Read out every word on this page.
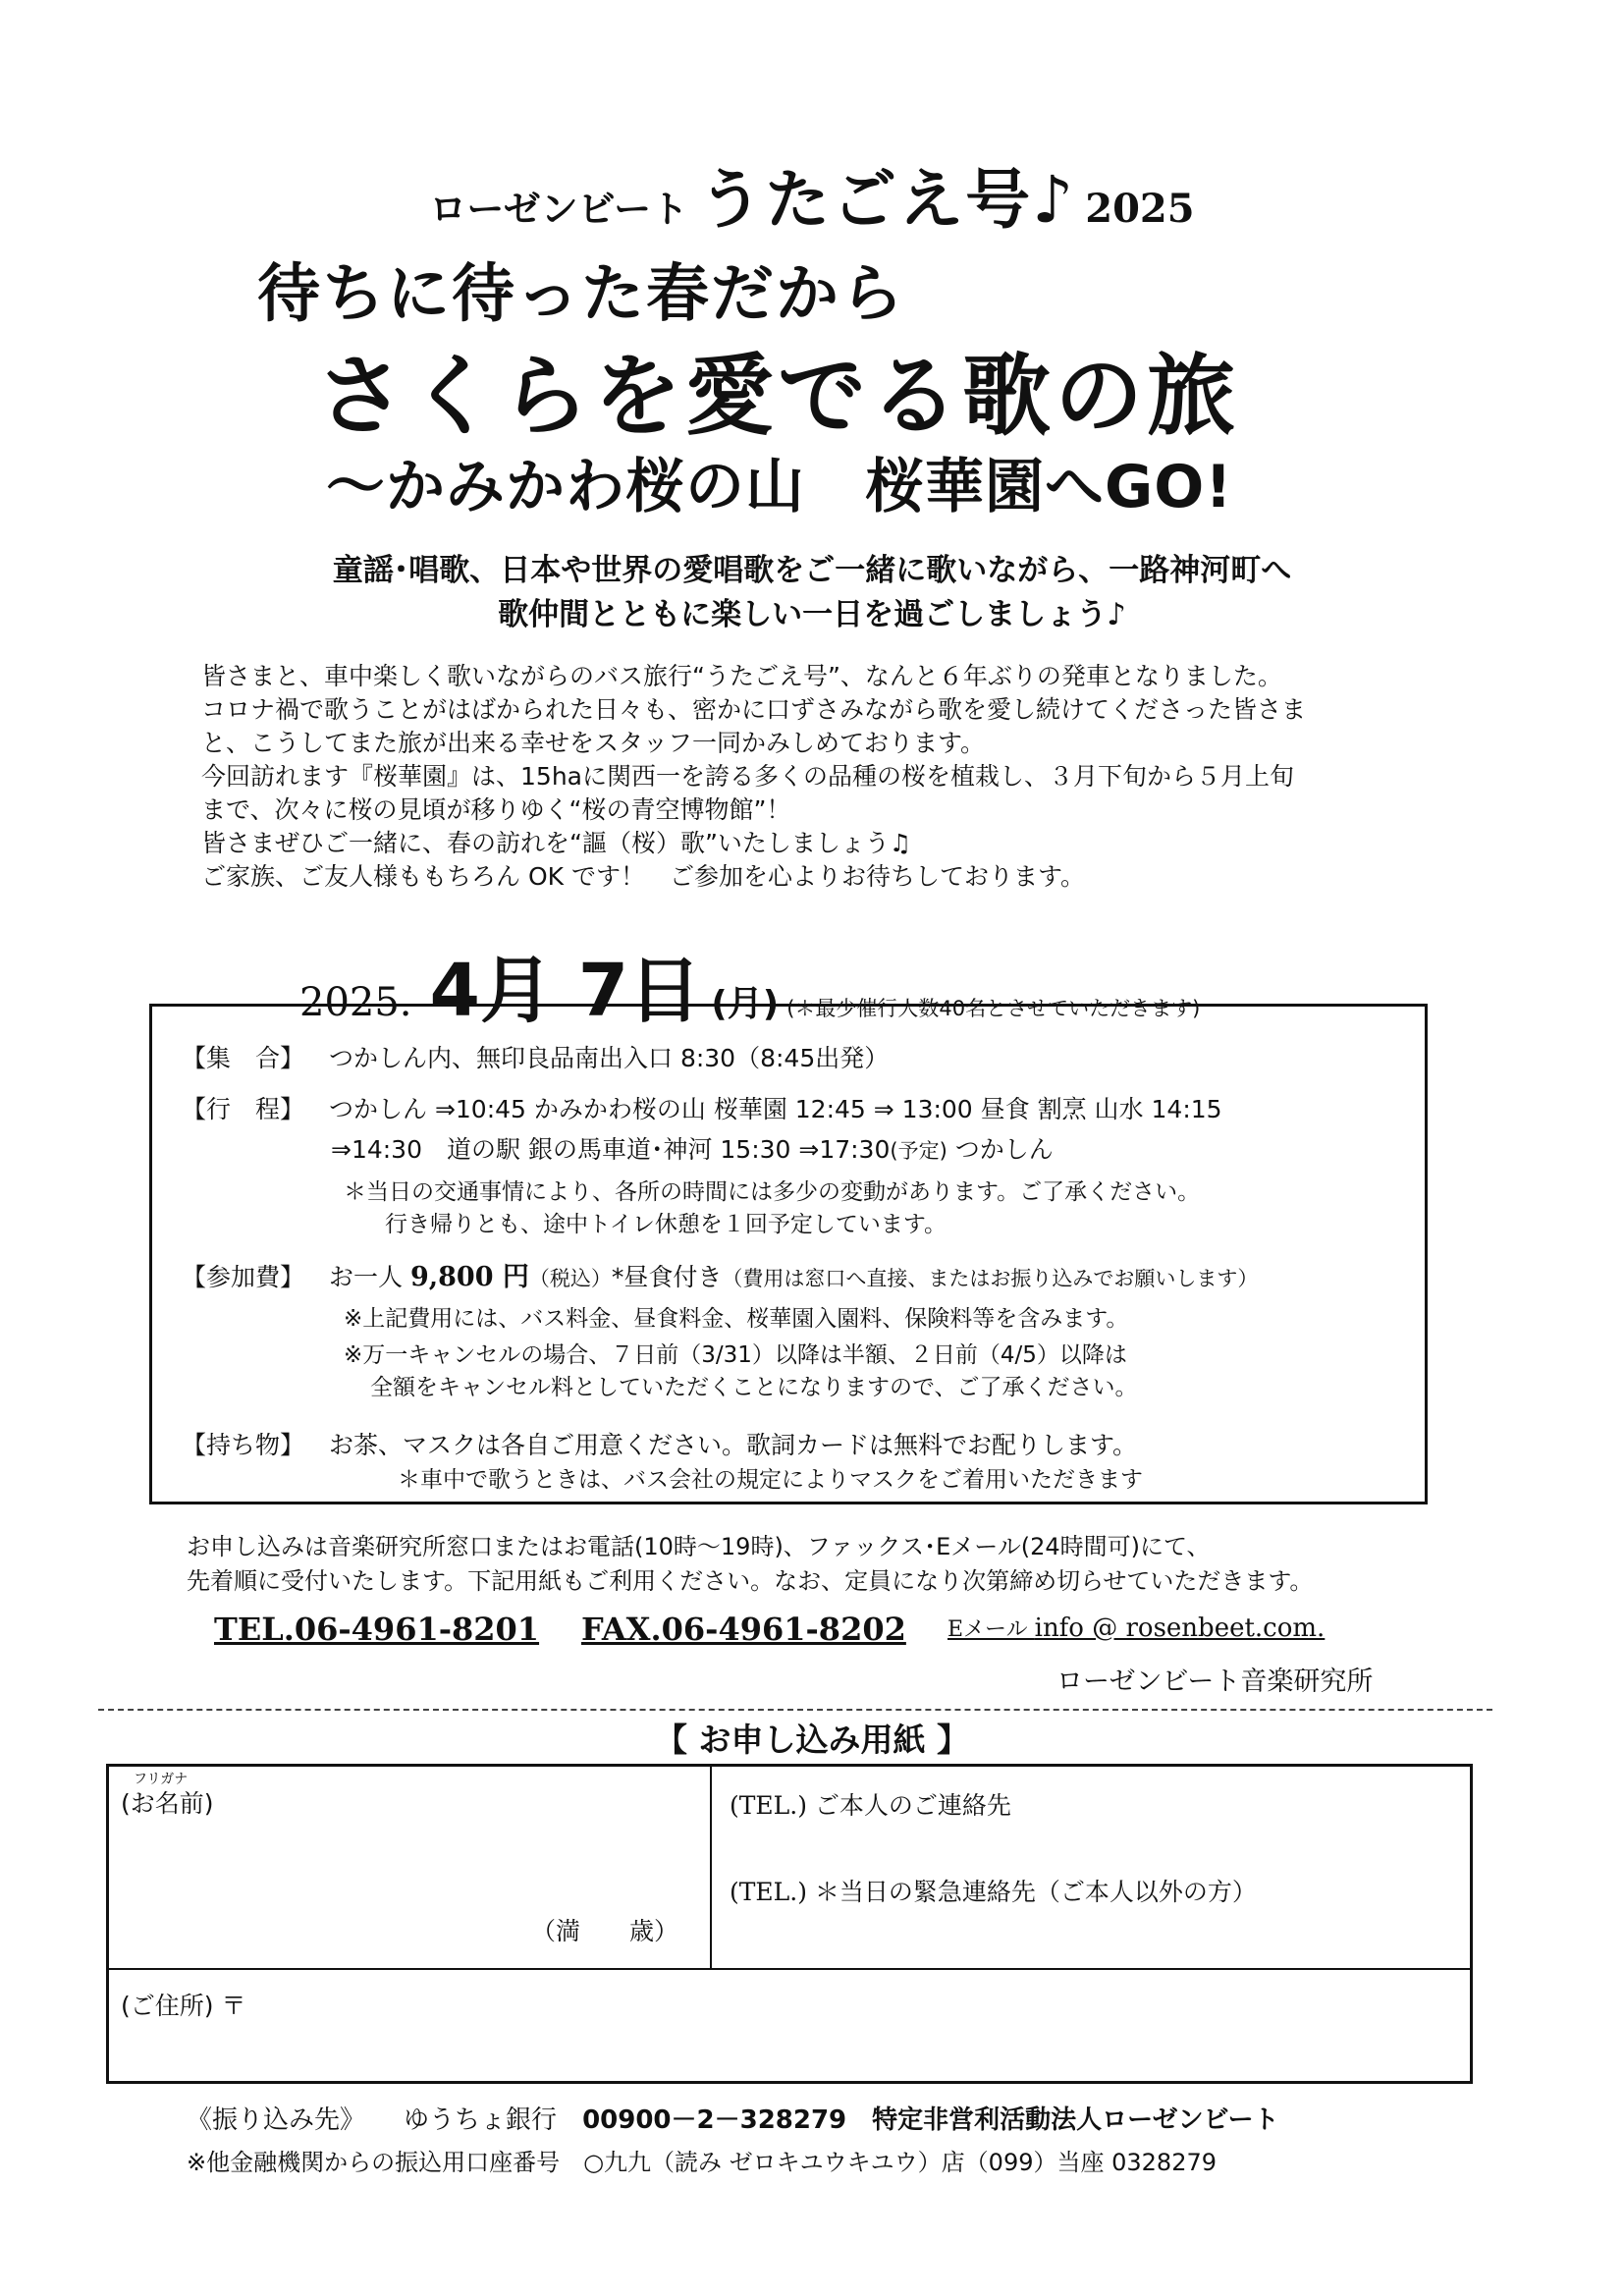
ローゼンビート うたごえ号♪ 2025
待ちに待った春だから
さくらを愛でる歌の旅
～かみかわ桜の山　桜華園へGO!
童謡･唱歌、日本や世界の愛唱歌をご一緒に歌いながら、一路神河町へ
歌仲間とともに楽しい一日を過ごしましょう♪
皆さまと、車中楽しく歌いながらのバス旅行“うたごえ号”、なんと６年ぶりの発車となりました。
コロナ禍で歌うことがはばかられた日々も、密かに口ずさみながら歌を愛し続けてくださった皆さま
と、こうしてまた旅が出来る幸せをスタッフ一同かみしめております。
今回訪れます『桜華園』は、15haに関西一を誇る多くの品種の桜を植栽し、３月下旬から５月上旬
まで、次々に桜の見頃が移りゆく“桜の青空博物館”！
皆さまぜひご一緒に、春の訪れを“謳（桜）歌”いたしましょう♫
ご家族、ご友人様ももちろん OK です！　ご参加を心よりお待ちしております。
2025. 4月 7日 (月) (＊最少催行人数40名とさせていただきます)
【集　合】 つかしん内、無印良品南出入口 8:30（8:45出発）
【行　程】 つかしん ⇒10:45 かみかわ桜の山 桜華園 12:45 ⇒ 13:00 昼食 割烹 山水 14:15
⇒14:30　道の駅 銀の馬車道･神河 15:30 ⇒17:30(予定) つかしん
＊当日の交通事情により、各所の時間には多少の変動があります。ご了承ください。
行き帰りとも、途中トイレ休憩を１回予定しています。
【参加費】 お一人 9,800 円（税込）*昼食付き（費用は窓口へ直接、またはお振り込みでお願いします）
※上記費用には、バス料金、昼食料金、桜華園入園料、保険料等を含みます。
※万一キャンセルの場合、７日前（3/31）以降は半額、２日前（4/5）以降は
全額をキャンセル料としていただくことになりますので、ご了承ください。
【持ち物】 お茶、マスクは各自ご用意ください。歌詞カードは無料でお配りします。
＊車中で歌うときは、バス会社の規定によりマスクをご着用いただきます
お申し込みは音楽研究所窓口またはお電話(10時～19時)、ファックス･Eメール(24時間可)にて、
先着順に受付いたします。下記用紙もご利用ください。なお、定員になり次第締め切らせていただきます。
TEL.06-4961-8201 FAX.06-4961-8202 Eメール info @ rosenbeet.com.
ローゼンビート音楽研究所
【 お申し込み用紙 】
フリガナ
(お名前)
（満　　歳）
(TEL.) ご本人のご連絡先
(TEL.) ＊当日の緊急連絡先（ご本人以外の方）
(ご住所) 〒
《振り込み先》　　 ゆうちょ銀行　 00900－2－328279　 特定非営利活動法人ローゼンビート
※他金融機関からの振込用口座番号　○九九（読み ゼロキユウキユウ）店（099）当座 0328279
